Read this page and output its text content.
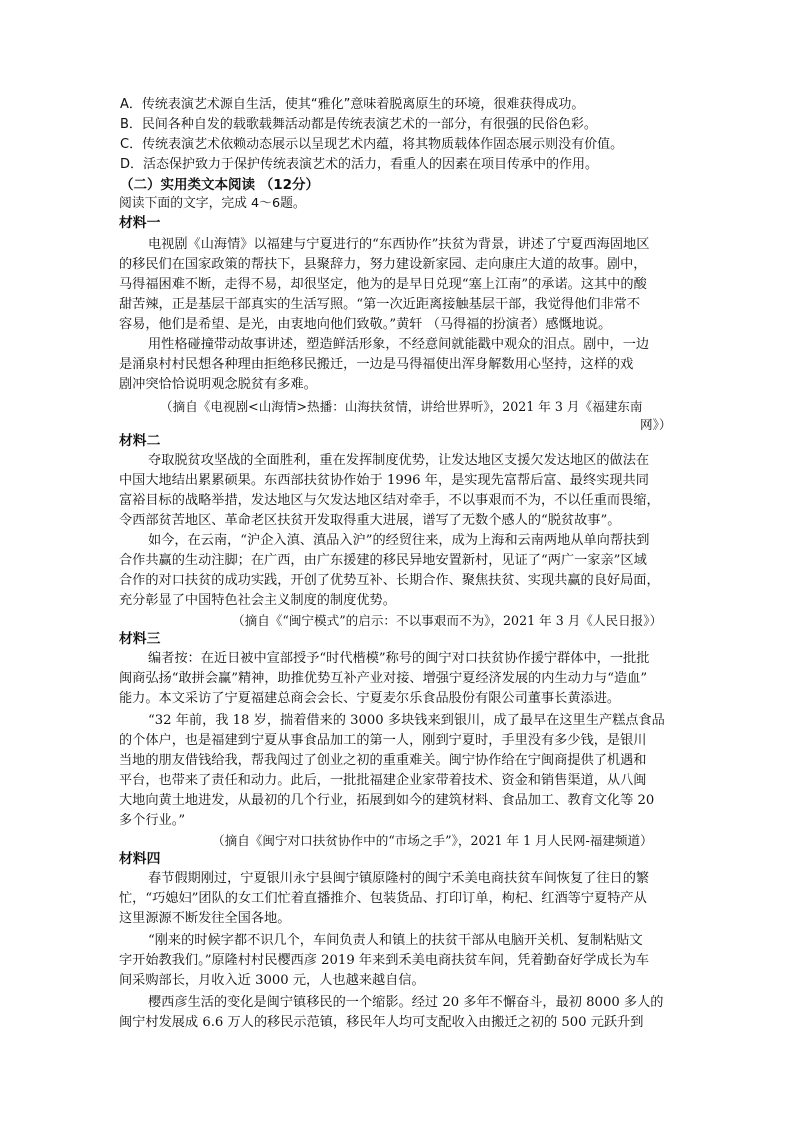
A．传统表演艺术源自生活，使其“雅化”意味着脱离原生的环境，很难获得成功。
B．民间各种自发的载歌载舞活动都是传统表演艺术的一部分，有很强的民俗色彩。
C．传统表演艺术依赖动态展示以呈现艺术内蕴，将其物质载体作固态展示则没有价值。
D．活态保护致力于保护传统表演艺术的活力，看重人的因素在项目传承中的作用。
（二）实用类文本阅读 （12分）
阅读下面的文字，完成 4～6题。
材料一
电视剧《山海情》以福建与宁夏进行的“东西协作”扶贫为背景，讲述了宁夏西海固地区
的移民们在国家政策的帮扶下，县聚辞力，努力建设新家园、走向康庄大道的故事。剧中，
马得福困难不断，走得不易，却很坚定，他为的是早日兑现“塞上江南”的承诺。这其中的酸
甜苦辣，正是基层干部真实的生活写照。“第一次近距离接触基层干部，我觉得他们非常不
容易，他们是希望、是光，由衷地向他们致敬。”黄轩 （马得福的扮演者）感慨地说。
用性格碰撞带动故事讲述，塑造鲜活形象，不经意间就能戳中观众的泪点。剧中，一边
是涌泉村村民想各种理由拒绝移民搬迁，一边是马得福使出浑身解数用心坚持，这样的戏
剧冲突恰恰说明观念脱贫有多难。
（摘自《电视剧<山海情>热播：山海扶贫情，讲给世界听》，2021 年 3 月《福建东南
网》）
材料二
夺取脱贫攻坚战的全面胜利，重在发挥制度优势，让发达地区支援欠发达地区的做法在
中国大地结出累累硕果。东西部扶贫协作始于 1996 年，是实现先富帮后富、最终实现共同
富裕目标的战略举措，发达地区与欠发达地区结对牵手，不以事艰而不为，不以任重而畏缩，
令西部贫苦地区、革命老区扶贫开发取得重大进展，谱写了无数个感人的“脱贫故事”。
如今，在云南，“沪企入滇、滇品入沪”的经贸往来，成为上海和云南两地从单向帮扶到
合作共赢的生动注脚；在广西，由广东援建的移民异地安置新村，见证了“两广一家亲”区域
合作的对口扶贫的成功实践，开创了优势互补、长期合作、聚焦扶贫、实现共赢的良好局面，
充分彰显了中国特色社会主义制度的制度优势。
（摘自《“闽宁模式”的启示：不以事艰而不为》，2021 年 3 月《人民日报》）
材料三
编者按：在近日被中宣部授予“时代楷模”称号的闽宁对口扶贫协作援宁群体中，一批批
闽商弘扬“敢拼会赢”精神，助推优势互补产业对接、增强宁夏经济发展的内生动力与“造血”
能力。本文采访了宁夏福建总商会会长、宁夏麦尔乐食品股份有限公司董事长黄添进。
“32 年前，我 18 岁，揣着借来的 3000 多块钱来到银川，成了最早在这里生产糕点食品
的个体户，也是福建到宁夏从事食品加工的第一人，刚到宁夏时，手里没有多少钱，是银川
当地的朋友借钱给我，帮我闯过了创业之初的重重难关。闽宁协作给在宁闽商提供了机遇和
平台，也带来了责任和动力。此后，一批批福建企业家带着技术、资金和销售渠道，从八闽
大地向黄土地进发，从最初的几个行业，拓展到如今的建筑材料、食品加工、教育文化等 20
多个行业。”
（摘自《闽宁对口扶贫协作中的“市场之手”》，2021 年 1 月人民网-福建频道）
材料四
春节假期刚过，宁夏银川永宁县闽宁镇原隆村的闽宁禾美电商扶贫车间恢复了往日的繁
忙，“巧媳妇”团队的女工们忙着直播推介、包装货品、打印订单，枸杞、红酒等宁夏特产从
这里源源不断发往全国各地。
“刚来的时候字都不识几个，车间负责人和镇上的扶贫干部从电脑开关机、复制粘贴文
字开始教我们。”原隆村村民樱西彦 2019 年来到禾美电商扶贫车间，凭着勤奋好学成长为车
间采购部长，月收入近 3000 元，人也越来越自信。
樱西彦生活的变化是闽宁镇移民的一个缩影。经过 20 多年不懈奋斗，最初 8000 多人的
闽宁村发展成 6.6 万人的移民示范镇，移民年人均可支配收入由搬迁之初的 500 元跃升到
